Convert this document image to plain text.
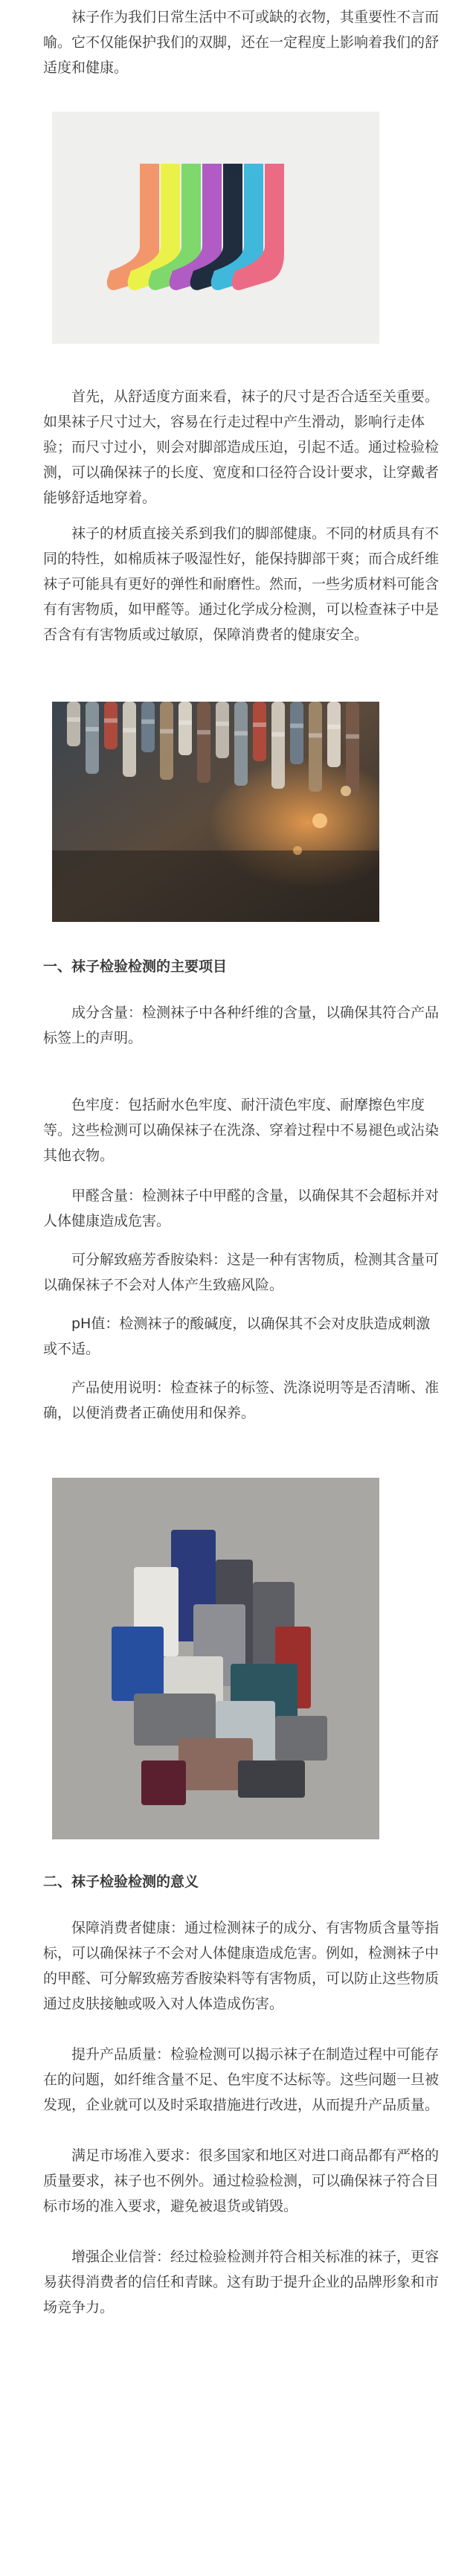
袜子作为我们日常生活中不可或缺的衣物，其重要性不言而喻。它不仅能保护我们的双脚，还在一定程度上影响着我们的舒适度和健康。

首先，从舒适度方面来看，袜子的尺寸是否合适至关重要。如果袜子尺寸过大，容易在行走过程中产生滑动，影响行走体验；而尺寸过小，则会对脚部造成压迫，引起不适。通过检验检测，可以确保袜子的长度、宽度和口径符合设计要求，让穿戴者能够舒适地穿着。

袜子的材质直接关系到我们的脚部健康。不同的材质具有不同的特性，如棉质袜子吸湿性好，能保持脚部干爽；而合成纤维袜子可能具有更好的弹性和耐磨性。然而，一些劣质材料可能含有有害物质，如甲醛等。通过化学成分检测，可以检查袜子中是否含有有害物质或过敏原，保障消费者的健康安全。

一、袜子检验检测的主要项目

成分含量：检测袜子中各种纤维的含量，以确保其符合产品标签上的声明。

色牢度：包括耐水色牢度、耐汗渍色牢度、耐摩擦色牢度等。这些检测可以确保袜子在洗涤、穿着过程中不易褪色或沾染其他衣物。

甲醛含量：检测袜子中甲醛的含量，以确保其不会超标并对人体健康造成危害。

可分解致癌芳香胺染料：这是一种有害物质，检测其含量可以确保袜子不会对人体产生致癌风险。

pH值：检测袜子的酸碱度，以确保其不会对皮肤造成刺激或不适。

产品使用说明：检查袜子的标签、洗涤说明等是否清晰、准确，以便消费者正确使用和保养。

二、袜子检验检测的意义

保障消费者健康：通过检测袜子的成分、有害物质含量等指标，可以确保袜子不会对人体健康造成危害。例如，检测袜子中的甲醛、可分解致癌芳香胺染料等有害物质，可以防止这些物质通过皮肤接触或吸入对人体造成伤害。

提升产品质量：检验检测可以揭示袜子在制造过程中可能存在的问题，如纤维含量不足、色牢度不达标等。这些问题一旦被发现，企业就可以及时采取措施进行改进，从而提升产品质量。

满足市场准入要求：很多国家和地区对进口商品都有严格的质量要求，袜子也不例外。通过检验检测，可以确保袜子符合目标市场的准入要求，避免被退货或销毁。

增强企业信誉：经过检验检测并符合相关标准的袜子，更容易获得消费者的信任和青睐。这有助于提升企业的品牌形象和市场竞争力。
